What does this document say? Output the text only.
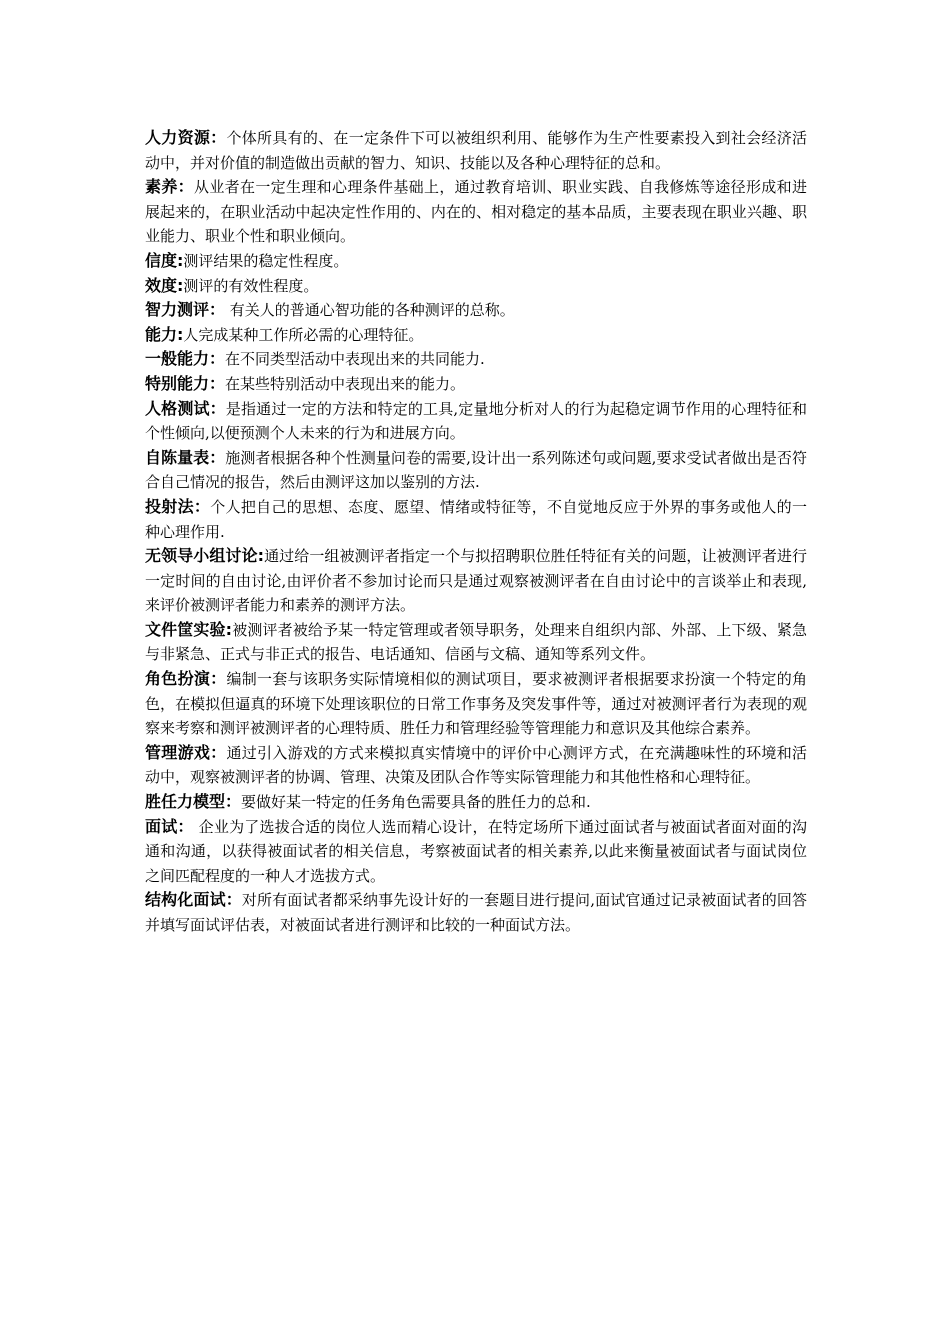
人力资源：个体所具有的、在一定条件下可以被组织利用、能够作为生产性要素投入到社会经济活动中，并对价值的制造做出贡献的智力、知识、技能以及各种心理特征的总和。

素养：从业者在一定生理和心理条件基础上，通过教育培训、职业实践、自我修炼等途径形成和进展起来的，在职业活动中起决定性作用的、内在的、相对稳定的基本品质，主要表现在职业兴趣、职业能力、职业个性和职业倾向。

信度:测评结果的稳定性程度。

效度:测评的有效性程度。

智力测评： 有关人的普通心智功能的各种测评的总称。

能力:人完成某种工作所必需的心理特征。

一般能力：在不同类型活动中表现出来的共同能力.

特别能力：在某些特别活动中表现出来的能力。

人格测试：是指通过一定的方法和特定的工具,定量地分析对人的行为起稳定调节作用的心理特征和个性倾向,以便预测个人未来的行为和进展方向。

自陈量表：施测者根据各种个性测量问卷的需要,设计出一系列陈述句或问题,要求受试者做出是否符合自己情况的报告，然后由测评这加以鉴别的方法.

投射法：个人把自己的思想、态度、愿望、情绪或特征等，不自觉地反应于外界的事务或他人的一种心理作用.

无领导小组讨论:通过给一组被测评者指定一个与拟招聘职位胜任特征有关的问题，让被测评者进行一定时间的自由讨论,由评价者不参加讨论而只是通过观察被测评者在自由讨论中的言谈举止和表现,来评价被测评者能力和素养的测评方法。

文件筐实验:被测评者被给予某一特定管理或者领导职务，处理来自组织内部、外部、上下级、紧急与非紧急、正式与非正式的报告、电话通知、信函与文稿、通知等系列文件。

角色扮演：编制一套与该职务实际情境相似的测试项目，要求被测评者根据要求扮演一个特定的角色，在模拟但逼真的环境下处理该职位的日常工作事务及突发事件等，通过对被测评者行为表现的观察来考察和测评被测评者的心理特质、胜任力和管理经验等管理能力和意识及其他综合素养。

管理游戏：通过引入游戏的方式来模拟真实情境中的评价中心测评方式，在充满趣味性的环境和活动中，观察被测评者的协调、管理、决策及团队合作等实际管理能力和其他性格和心理特征。

胜任力模型：要做好某一特定的任务角色需要具备的胜任力的总和.

面试： 企业为了选拔合适的岗位人选而精心设计，在特定场所下通过面试者与被面试者面对面的沟通和沟通，以获得被面试者的相关信息，考察被面试者的相关素养,以此来衡量被面试者与面试岗位之间匹配程度的一种人才选拔方式。

结构化面试：对所有面试者都采纳事先设计好的一套题目进行提问,面试官通过记录被面试者的回答并填写面试评估表，对被面试者进行测评和比较的一种面试方法。
